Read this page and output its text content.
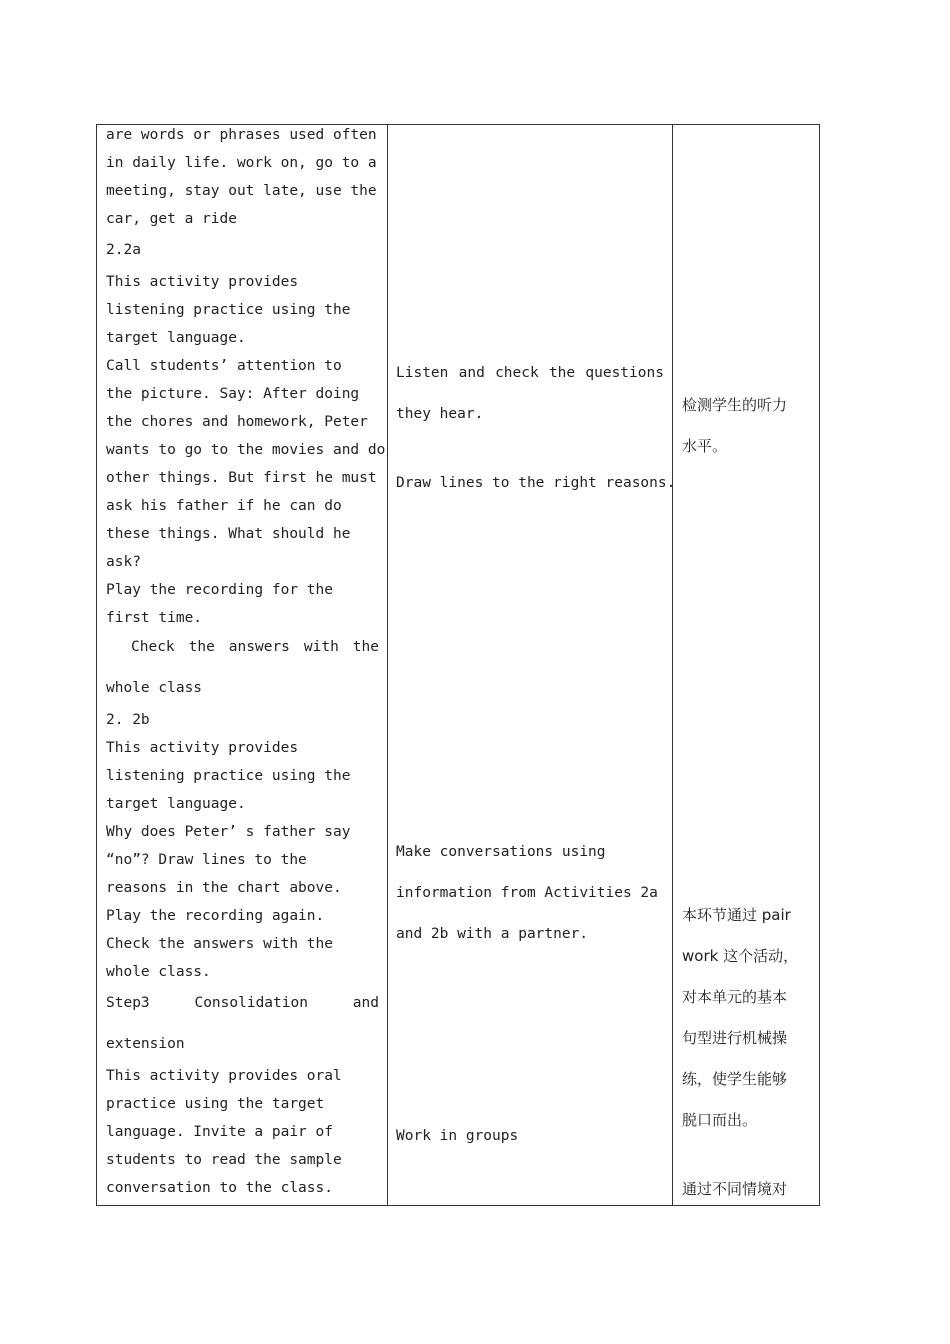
are words or phrases used often

in daily life. work on, go to a

meeting, stay out late, use the

car, get a ride

2.2a

This activity provides
listening practice using the
target language.
Call students’ attention to
the picture. Say: After doing
the chores and homework, Peter
wants to go to the movies and do
other things. But first he must
ask his father if he can do
these things. What should he
ask?
Play the recording for the
first time.
Check the answers with the

whole class

2. 2b

This activity provides
listening practice using the
target language.
Why does Peter’ s father say
“no”? Draw lines to the
reasons in the chart above.
Play the recording again.
Check the answers with the
whole class.
Step3	Consolidation	and

extension

This activity provides oral
practice using the target
language. Invite a pair of
students to read the sample
conversation to the class.
Listen and check the questions

they hear.

Draw lines to the right reasons.

Make conversations using

information from Activities 2a

and 2b with a partner.

Work in groups

检测学生的听力

水平。

本环节通过 pair

work 这个活动，

对本单元的基本

句型进行机械操

练，使学生能够

脱口而出。

通过不同情境对
